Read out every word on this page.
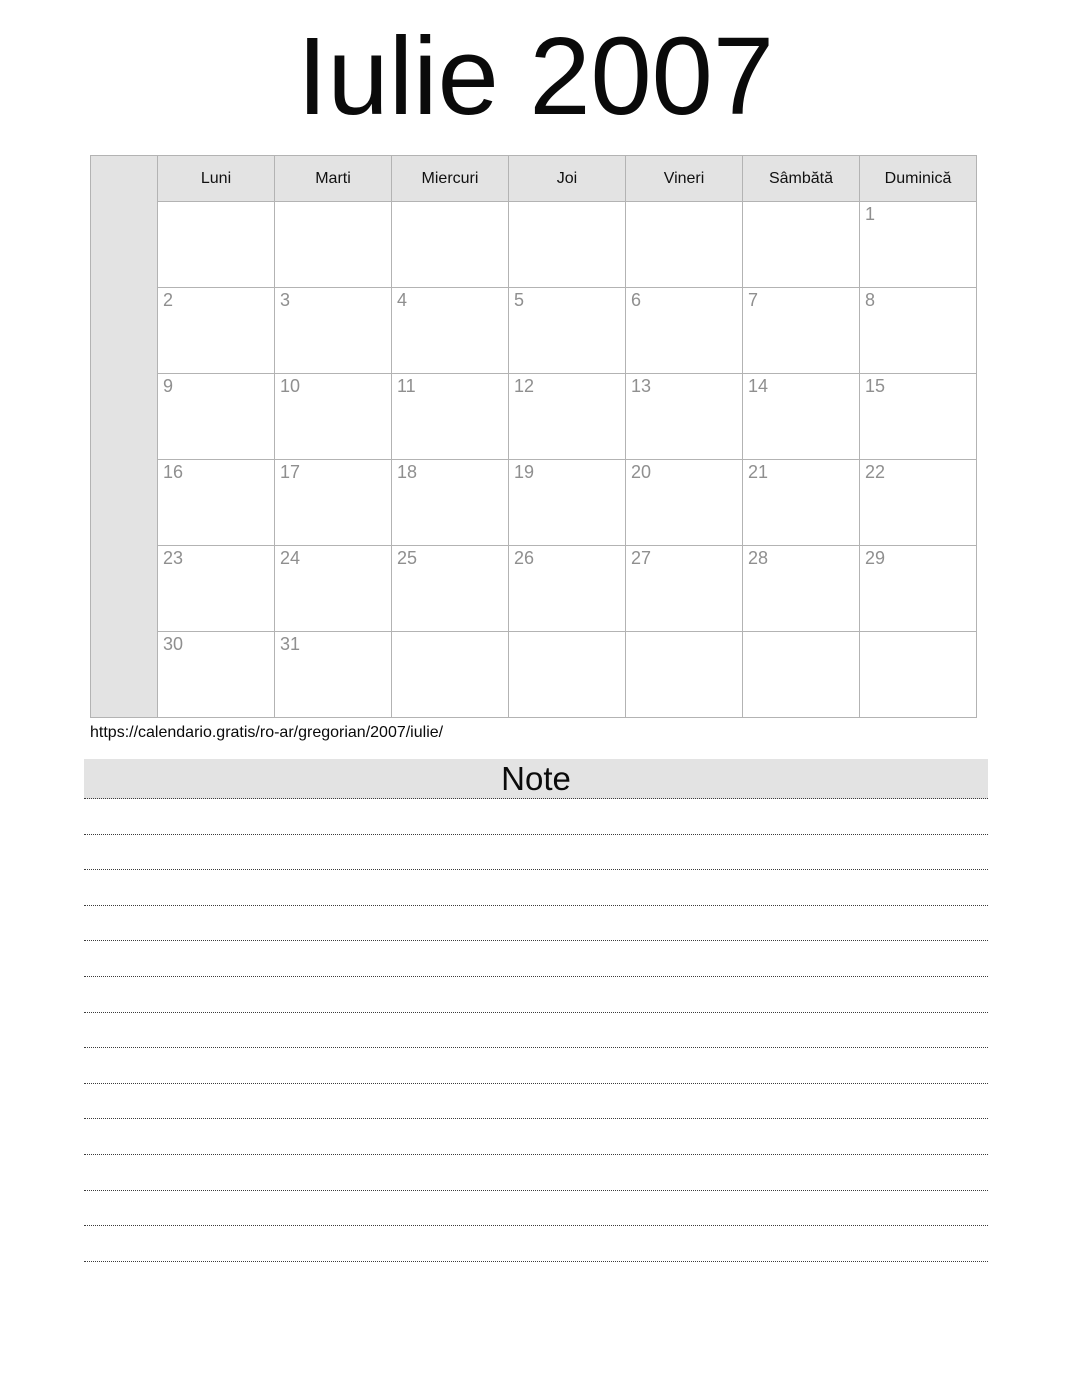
Iulie 2007
	Luni	Marti	Miercuri	Joi	Vineri	Sâmbătă	Duminică
							1
	2	3	4	5	6	7	8
	9	10	11	12	13	14	15
	16	17	18	19	20	21	22
	23	24	25	26	27	28	29
	30	31					
https://calendario.gratis/ro-ar/gregorian/2007/iulie/
Note
